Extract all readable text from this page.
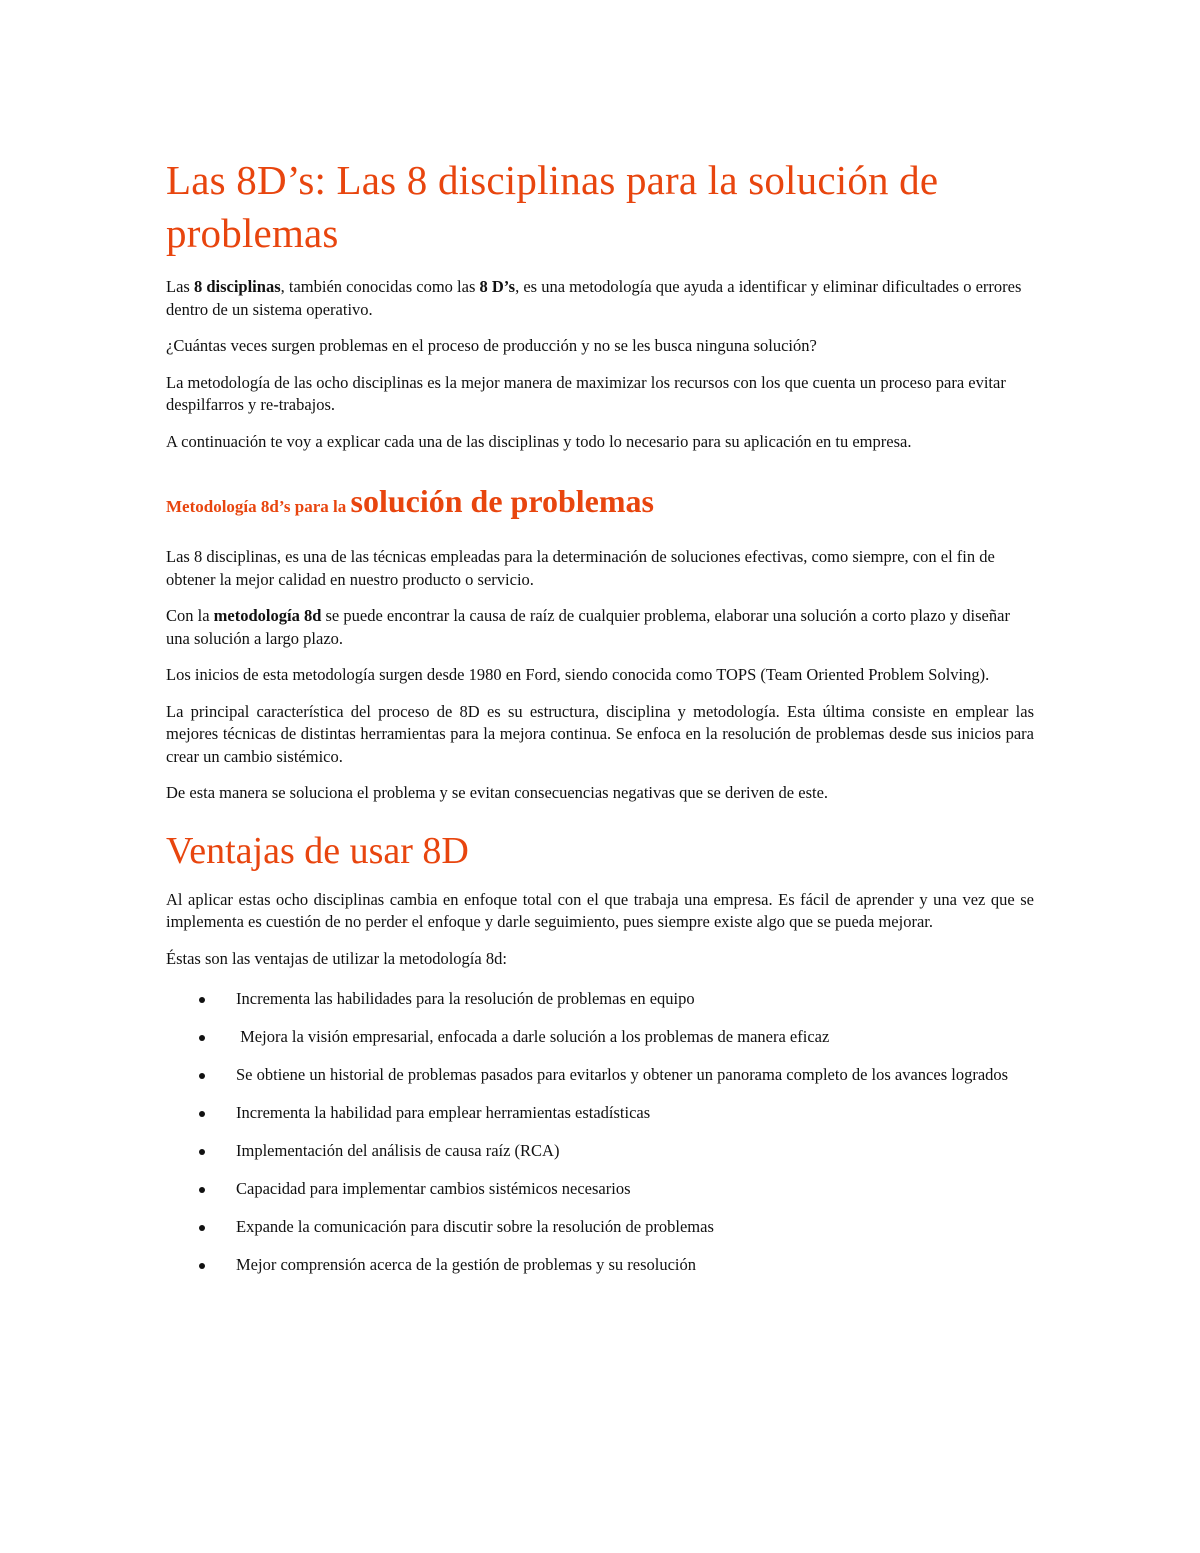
Las 8D’s: Las 8 disciplinas para la solución de problemas

Las 8 disciplinas, también conocidas como las 8 D’s, es una metodología que ayuda a identificar y eliminar dificultades o errores dentro de un sistema operativo.

¿Cuántas veces surgen problemas en el proceso de producción y no se les busca ninguna solución?

La metodología de las ocho disciplinas es la mejor manera de maximizar los recursos con los que cuenta un proceso para evitar despilfarros y re-trabajos.

A continuación te voy a explicar cada una de las disciplinas y todo lo necesario para su aplicación en tu empresa.

Metodología 8d’s para la solución de problemas

Las 8 disciplinas, es una de las técnicas empleadas para la determinación de soluciones efectivas, como siempre, con el fin de obtener la mejor calidad en nuestro producto o servicio.

Con la metodología 8d se puede encontrar la causa de raíz de cualquier problema, elaborar una solución a corto plazo y diseñar una solución a largo plazo.

Los inicios de esta metodología surgen desde 1980 en Ford, siendo conocida como TOPS (Team Oriented Problem Solving).

La principal característica del proceso de 8D es su estructura, disciplina y metodología. Esta última consiste en emplear las mejores técnicas de distintas herramientas para la mejora continua. Se enfoca en la resolución de problemas desde sus inicios para crear un cambio sistémico.

De esta manera se soluciona el problema y se evitan consecuencias negativas que se deriven de este.

Ventajas de usar 8D

Al aplicar estas ocho disciplinas cambia en enfoque total con el que trabaja una empresa. Es fácil de aprender y una vez que se implementa es cuestión de no perder el enfoque y darle seguimiento, pues siempre existe algo que se pueda mejorar.

Éstas son las ventajas de utilizar la metodología 8d:

Incrementa las habilidades para la resolución de problemas en equipo
Mejora la visión empresarial, enfocada a darle solución a los problemas de manera eficaz
Se obtiene un historial de problemas pasados para evitarlos y obtener un panorama completo de los avances logrados
Incrementa la habilidad para emplear herramientas estadísticas
Implementación del análisis de causa raíz (RCA)
Capacidad para implementar cambios sistémicos necesarios
Expande la comunicación para discutir sobre la resolución de problemas
Mejor comprensión acerca de la gestión de problemas y su resolución
